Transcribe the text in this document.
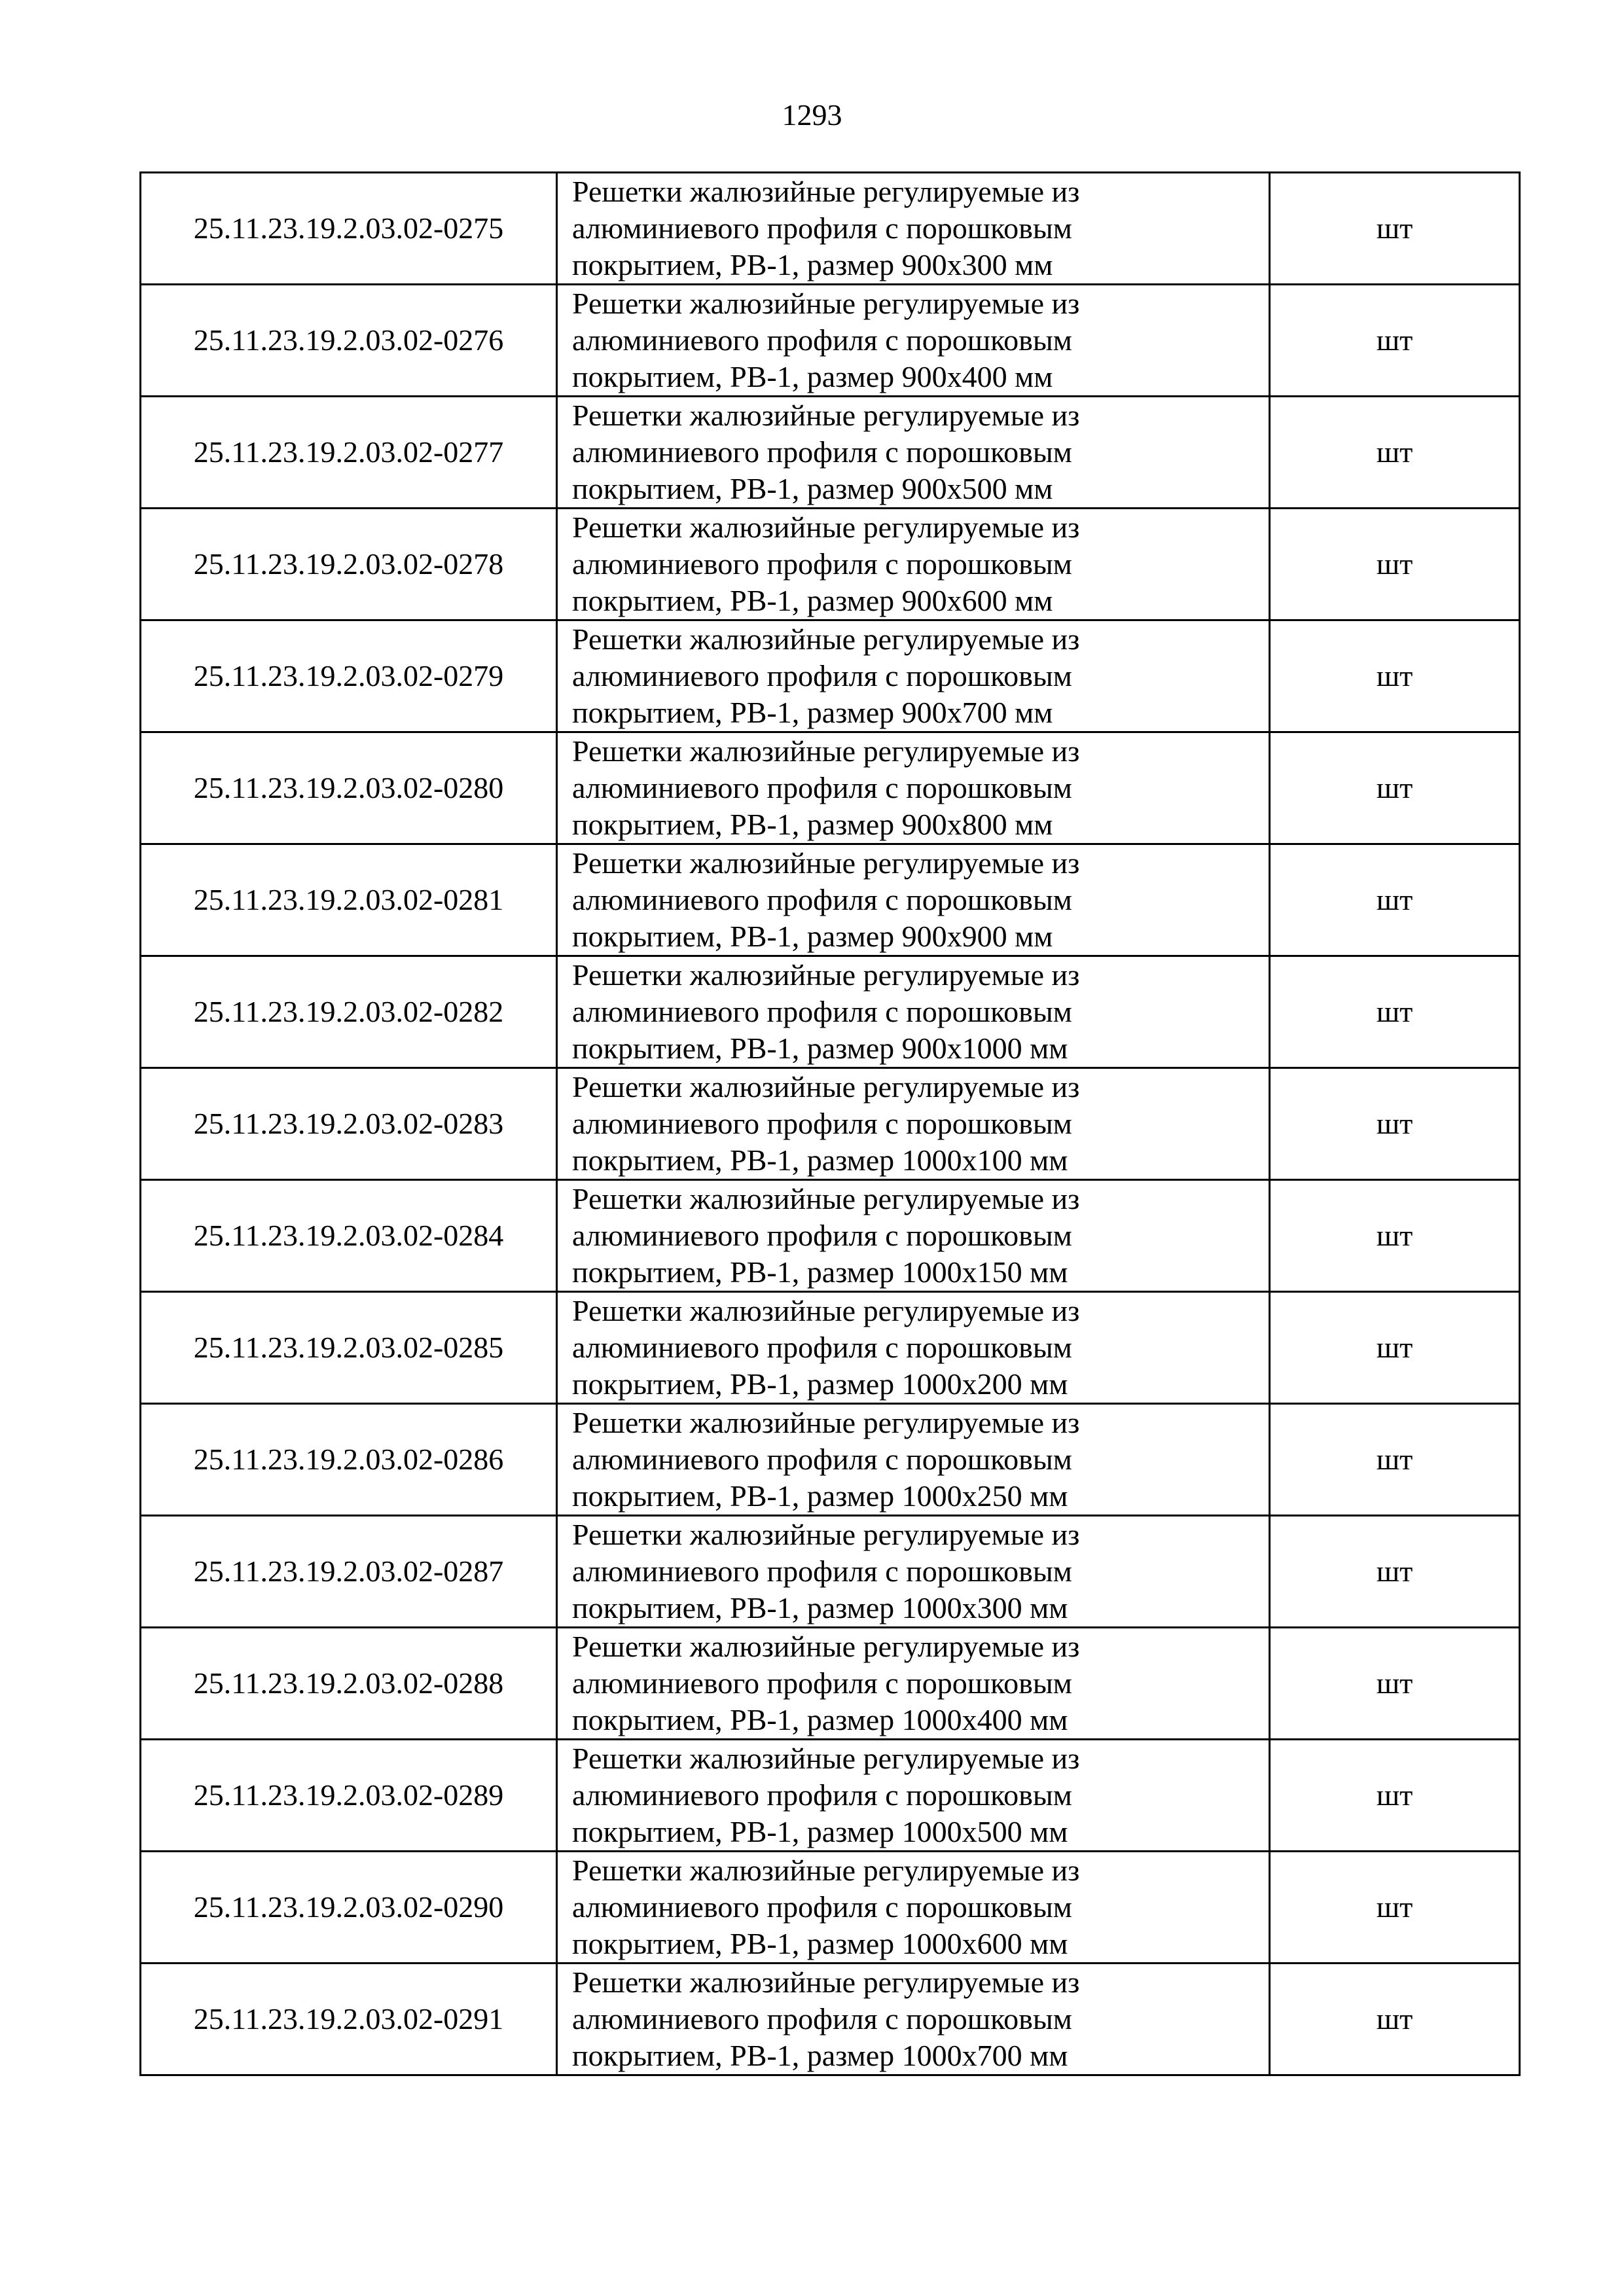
1293
25.11.23.19.2.03.02-0275	Решетки жалюзийные регулируемые из
алюминиевого профиля с порошковым
покрытием, РВ-1, размер 900х300 мм	шт
25.11.23.19.2.03.02-0276	Решетки жалюзийные регулируемые из
алюминиевого профиля с порошковым
покрытием, РВ-1, размер 900х400 мм	шт
25.11.23.19.2.03.02-0277	Решетки жалюзийные регулируемые из
алюминиевого профиля с порошковым
покрытием, РВ-1, размер 900х500 мм	шт
25.11.23.19.2.03.02-0278	Решетки жалюзийные регулируемые из
алюминиевого профиля с порошковым
покрытием, РВ-1, размер 900х600 мм	шт
25.11.23.19.2.03.02-0279	Решетки жалюзийные регулируемые из
алюминиевого профиля с порошковым
покрытием, РВ-1, размер 900х700 мм	шт
25.11.23.19.2.03.02-0280	Решетки жалюзийные регулируемые из
алюминиевого профиля с порошковым
покрытием, РВ-1, размер 900х800 мм	шт
25.11.23.19.2.03.02-0281	Решетки жалюзийные регулируемые из
алюминиевого профиля с порошковым
покрытием, РВ-1, размер 900х900 мм	шт
25.11.23.19.2.03.02-0282	Решетки жалюзийные регулируемые из
алюминиевого профиля с порошковым
покрытием, РВ-1, размер 900х1000 мм	шт
25.11.23.19.2.03.02-0283	Решетки жалюзийные регулируемые из
алюминиевого профиля с порошковым
покрытием, РВ-1, размер 1000х100 мм	шт
25.11.23.19.2.03.02-0284	Решетки жалюзийные регулируемые из
алюминиевого профиля с порошковым
покрытием, РВ-1, размер 1000х150 мм	шт
25.11.23.19.2.03.02-0285	Решетки жалюзийные регулируемые из
алюминиевого профиля с порошковым
покрытием, РВ-1, размер 1000х200 мм	шт
25.11.23.19.2.03.02-0286	Решетки жалюзийные регулируемые из
алюминиевого профиля с порошковым
покрытием, РВ-1, размер 1000х250 мм	шт
25.11.23.19.2.03.02-0287	Решетки жалюзийные регулируемые из
алюминиевого профиля с порошковым
покрытием, РВ-1, размер 1000х300 мм	шт
25.11.23.19.2.03.02-0288	Решетки жалюзийные регулируемые из
алюминиевого профиля с порошковым
покрытием, РВ-1, размер 1000х400 мм	шт
25.11.23.19.2.03.02-0289	Решетки жалюзийные регулируемые из
алюминиевого профиля с порошковым
покрытием, РВ-1, размер 1000х500 мм	шт
25.11.23.19.2.03.02-0290	Решетки жалюзийные регулируемые из
алюминиевого профиля с порошковым
покрытием, РВ-1, размер 1000х600 мм	шт
25.11.23.19.2.03.02-0291	Решетки жалюзийные регулируемые из
алюминиевого профиля с порошковым
покрытием, РВ-1, размер 1000х700 мм	шт
